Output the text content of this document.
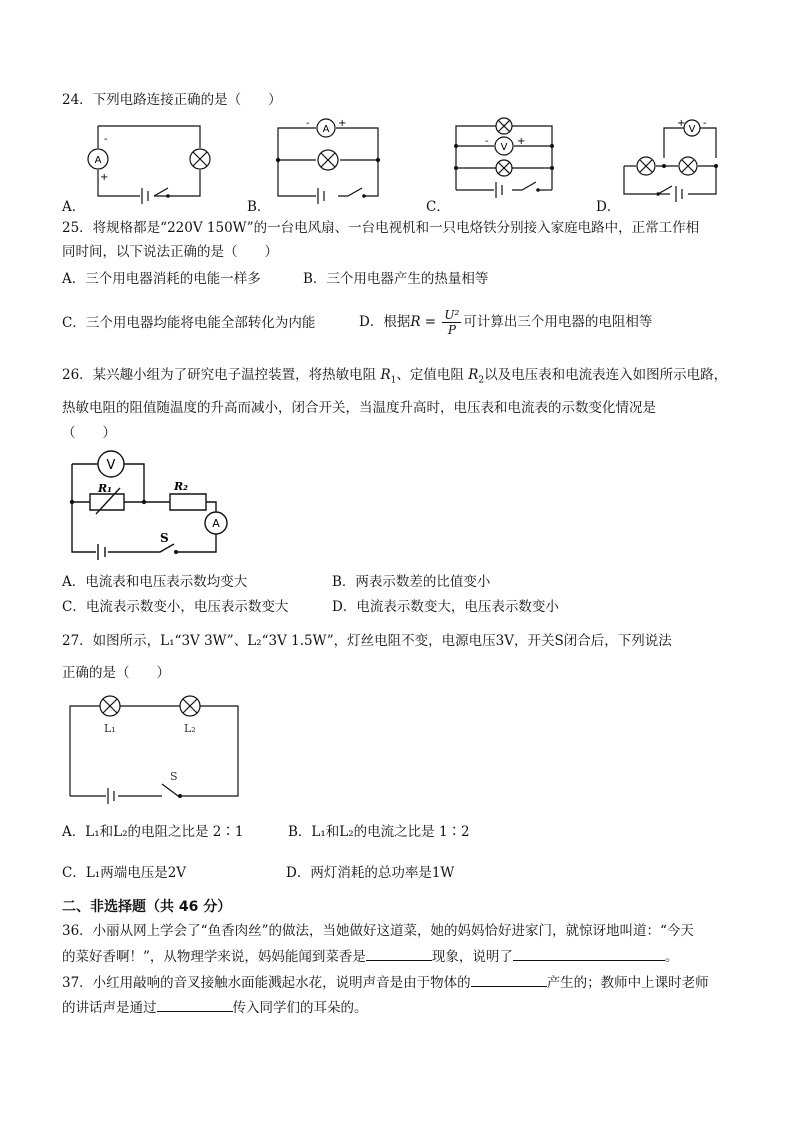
24．下列电路连接正确的是（　　）
A
-
+
A．
A
-	+
B．
V
-	+
C．
V
+ -
D．
25．将规格都是“220V 150W”的一台电风扇、一台电视机和一只电烙铁分别接入家庭电路中，正常工作相
同时间，以下说法正确的是（　　）
A．三个用电器消耗的电能一样多	B．三个用电器产生的热量相等
C．三个用电器均能将电能全部转化为内能	D．根据$R = \frac{\text{U²}}{P}$ 可计算出三个用电器的电阻相等
26．某兴趣小组为了研究电子温控装置，将热敏电阻 $R_1$、定值电阻 $R_2$以及电压表和电流表连入如图所示电路，
热敏电阻的阻值随温度的升高而减小，闭合开关，当温度升高时，电压表和电流表的示数变化情况是
（　　）
V
A
R₁	R₂
S
A．电流表和电压表示数均变大	B．两表示数差的比值变小
C．电流表示数变小，电压表示数变大	D．电流表示数变大，电压表示数变小
27．如图所示，L₁“3V 3W”、L₂“3V 1.5W”，灯丝电阻不变，电源电压3V，开关S闭合后，下列说法
正确的是（　　）
L₁	L₂
S
A．L₁和L₂的电阻之比是 2∶1	B．L₁和L₂的电流之比是 1∶2
C．L₁两端电压是2V	D．两灯消耗的总功率是1W
二、非选择题（共 46 分）
36．小丽从网上学会了“鱼香肉丝”的做法，当她做好这道菜，她的妈妈恰好进家门，就惊讶地叫道：“今天
的菜好香啊！”，从物理学来说，妈妈能闻到菜香是	现象，说明了	。
37．小红用敲响的音叉接触水面能溅起水花，说明声音是由于物体的	产生的；教师中上课时老师
的讲话声是通过	传入同学们的耳朵的。
